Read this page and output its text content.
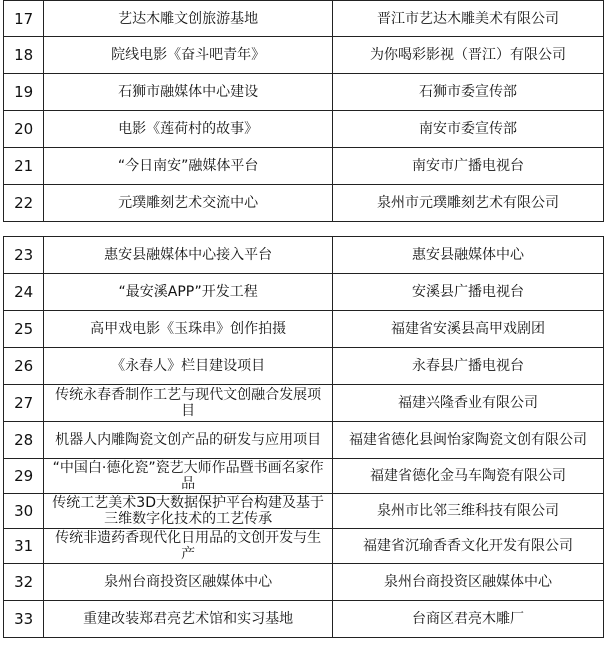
17	艺达木雕文创旅游基地	晋江市艺达木雕美术有限公司
18	院线电影《奋斗吧青年》	为你喝彩影视（晋江）有限公司
19	石狮市融媒体中心建设	石狮市委宣传部
20	电影《莲荷村的故事》	南安市委宣传部
21	“今日南安”融媒体平台	南安市广播电视台
22	元璞雕刻艺术交流中心	泉州市元璞雕刻艺术有限公司
23	惠安县融媒体中心接入平台	惠安县融媒体中心
24	“最安溪APP”开发工程	安溪县广播电视台
25	高甲戏电影《玉珠串》创作拍摄	福建省安溪县高甲戏剧团
26	《永春人》栏目建设项目	永春县广播电视台
27	传统永春香制作工艺与现代文创融合发展项目	福建兴隆香业有限公司
28	机器人内雕陶瓷文创产品的研发与应用项目	福建省德化县闽怡家陶瓷文创有限公司
29	“中国白·德化瓷”瓷艺大师作品暨书画名家作品	福建省德化金马车陶瓷有限公司
30	传统工艺美术3D大数据保护平台构建及基于三维数字化技术的工艺传承	泉州市比邻三维科技有限公司
31	传统非遗药香现代化日用品的文创开发与生产	福建省沉瑜香香文化开发有限公司
32	泉州台商投资区融媒体中心	泉州台商投资区融媒体中心
33	重建改装郑君亮艺术馆和实习基地	台商区君亮木雕厂
